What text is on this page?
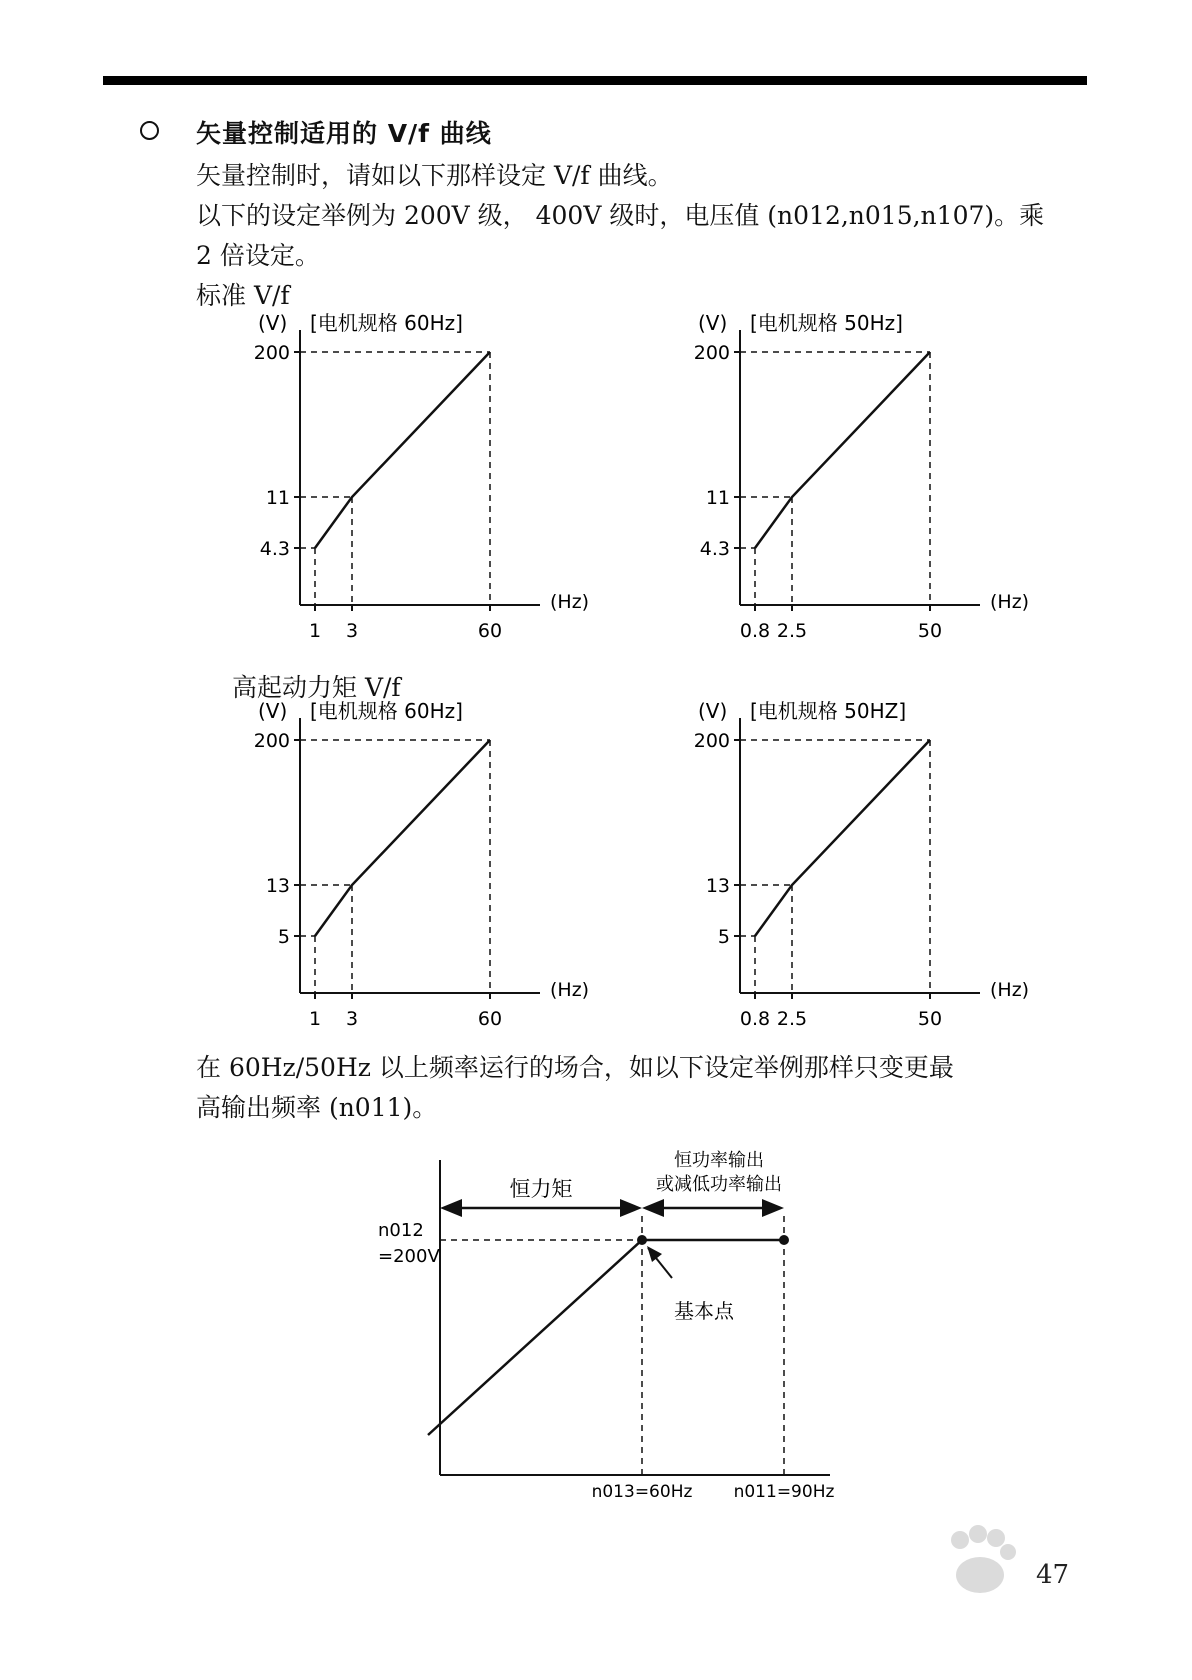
矢量控制适用的 V/f 曲线
矢量控制时，请如以下那样设定 V/f 曲线。
以下的设定举例为 200V 级， 400V 级时，电压值 (n012,n015,n107)。乘
2 倍设定。
标准 V/f
(V) [电机规格 60Hz]
(Hz)
4.3
1
11
3
200
60
(V) [电机规格 50Hz]
(Hz)
4.3
0.8
11
2.5
200
50
高起动力矩 V/f
(V) [电机规格 60Hz]
(Hz)
5
1
13
3
200
60
(V) [电机规格 50HZ]
(Hz)
5
0.8
13
2.5
200
50
在 60Hz/50Hz 以上频率运行的场合，如以下设定举例那样只变更最
高输出频率 (n011)。
恒力矩
恒功率输出
或减低功率输出
n012
=200V
基本点
n013=60Hz n011=90Hz
47
